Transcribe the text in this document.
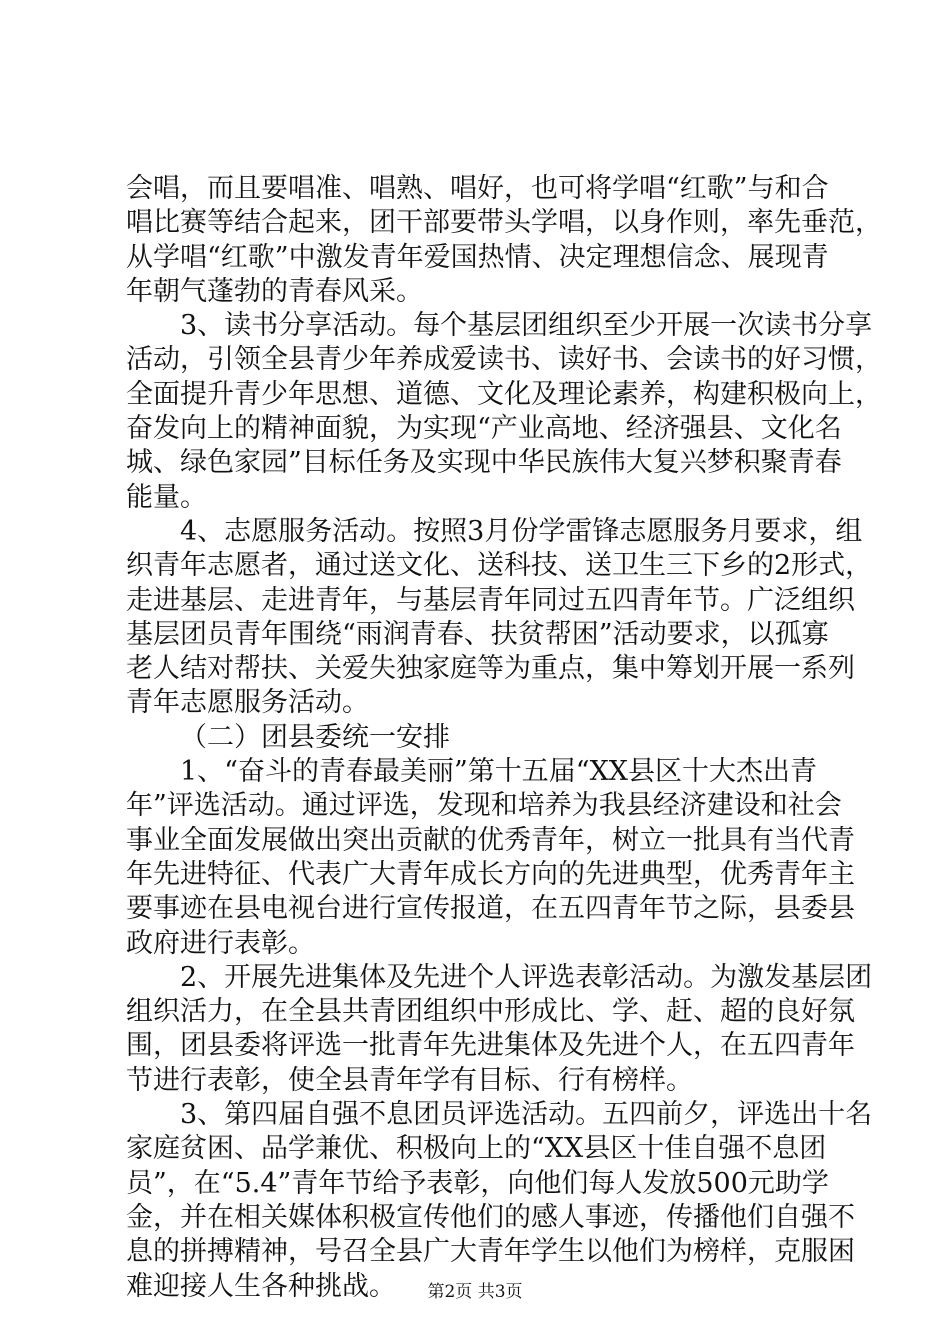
会唱，而且要唱准、唱熟、唱好，也可将学唱“红歌”与和合
唱比赛等结合起来，团干部要带头学唱，以身作则，率先垂范，
从学唱“红歌”中激发青年爱国热情、决定理想信念、展现青
年朝气蓬勃的青春风采。
3、读书分享活动。每个基层团组织至少开展一次读书分享
活动，引领全县青少年养成爱读书、读好书、会读书的好习惯，
全面提升青少年思想、道德、文化及理论素养，构建积极向上，
奋发向上的精神面貌，为实现“产业高地、经济强县、文化名
城、绿色家园”目标任务及实现中华民族伟大复兴梦积聚青春
能量。
4、志愿服务活动。按照3月份学雷锋志愿服务月要求，组
织青年志愿者，通过送文化、送科技、送卫生三下乡的2形式，
走进基层、走进青年，与基层青年同过五四青年节。广泛组织
基层团员青年围绕“雨润青春、扶贫帮困”活动要求，以孤寡
老人结对帮扶、关爱失独家庭等为重点，集中筹划开展一系列
青年志愿服务活动。
（二）团县委统一安排
1、“奋斗的青春最美丽”第十五届“XX县区十大杰出青
年”评选活动。通过评选，发现和培养为我县经济建设和社会
事业全面发展做出突出贡献的优秀青年，树立一批具有当代青
年先进特征、代表广大青年成长方向的先进典型，优秀青年主
要事迹在县电视台进行宣传报道，在五四青年节之际，县委县
政府进行表彰。
2、开展先进集体及先进个人评选表彰活动。为激发基层团
组织活力，在全县共青团组织中形成比、学、赶、超的良好氛
围，团县委将评选一批青年先进集体及先进个人，在五四青年
节进行表彰，使全县青年学有目标、行有榜样。
3、第四届自强不息团员评选活动。五四前夕，评选出十名
家庭贫困、品学兼优、积极向上的“XX县区十佳自强不息团
员”，在“5.4”青年节给予表彰，向他们每人发放500元助学
金，并在相关媒体积极宣传他们的感人事迹，传播他们自强不
息的拼搏精神，号召全县广大青年学生以他们为榜样，克服困
难迎接人生各种挑战。	第2页 共3页
